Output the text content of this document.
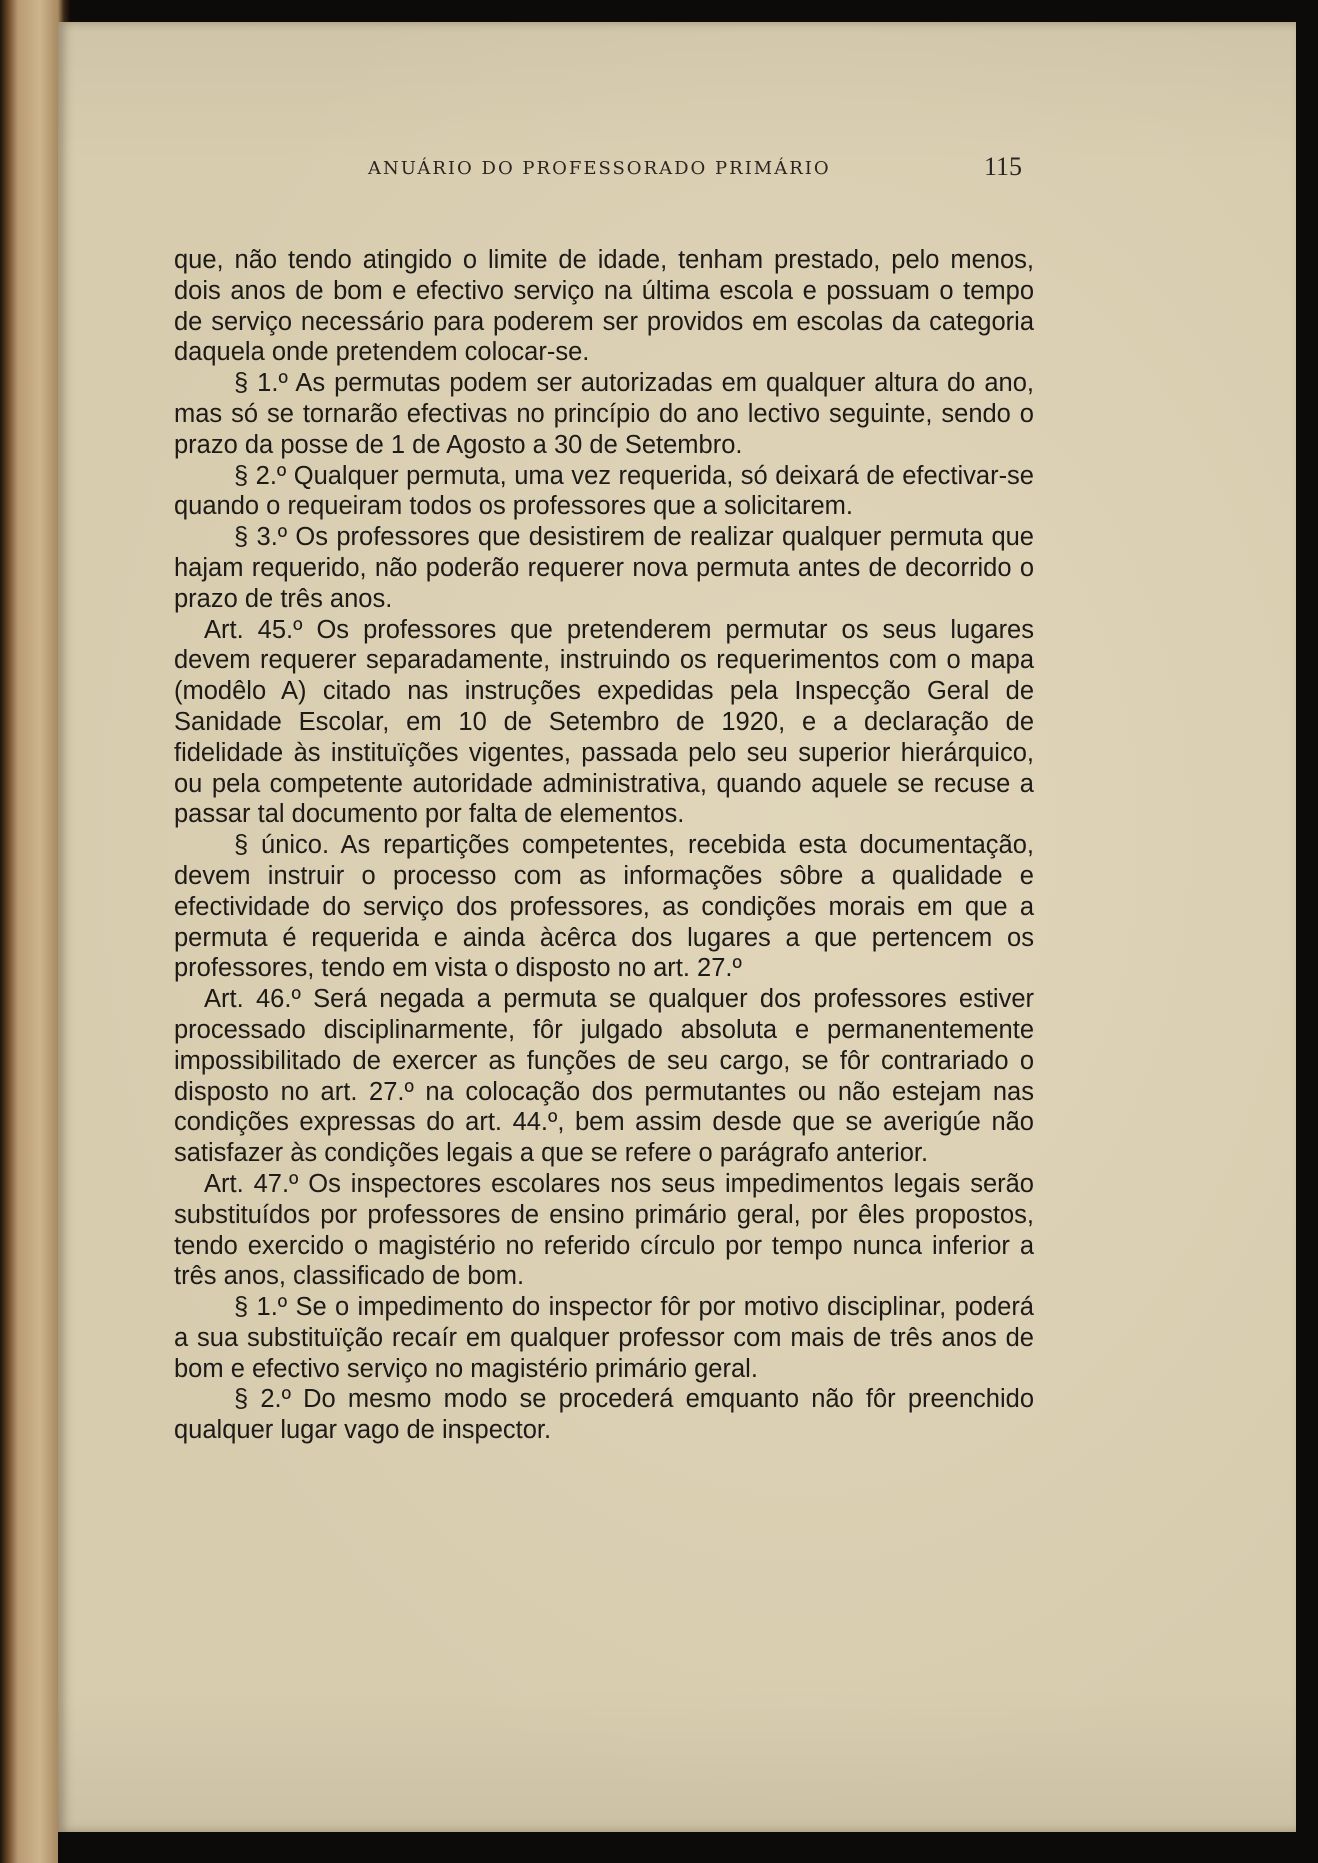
ANUÁRIO DO PROFESSORADO PRIMÁRIO	115

que, não tendo atingido o limite de idade, tenham prestado, pelo menos, dois anos de bom e efectivo serviço na última escola e possuam o tempo de serviço necessário para poderem ser providos em escolas da categoria daquela onde pretendem colocar-se.

§ 1.º As permutas podem ser autorizadas em qualquer altura do ano, mas só se tornarão efectivas no princípio do ano lectivo seguinte, sendo o prazo da posse de 1 de Agosto a 30 de Setembro.

§ 2.º Qualquer permuta, uma vez requerida, só deixará de efectivar-se quando o requeiram todos os professores que a solicitarem.

§ 3.º Os professores que desistirem de realizar qualquer permuta que hajam requerido, não poderão requerer nova permuta antes de decorrido o prazo de três anos.

Art. 45.º Os professores que pretenderem permutar os seus lugares devem requerer separadamente, instruindo os requerimentos com o mapa (modêlo A) citado nas instruções expedidas pela Inspecção Geral de Sanidade Escolar, em 10 de Setembro de 1920, e a declaração de fidelidade às instituïções vigentes, passada pelo seu superior hierárquico, ou pela competente autoridade administrativa, quando aquele se recuse a passar tal documento por falta de elementos.

§ único. As repartições competentes, recebida esta documentação, devem instruir o processo com as informações sôbre a qualidade e efectividade do serviço dos professores, as condições morais em que a permuta é requerida e ainda àcêrca dos lugares a que pertencem os professores, tendo em vista o disposto no art. 27.º

Art. 46.º Será negada a permuta se qualquer dos professores estiver processado disciplinarmente, fôr julgado absoluta e permanentemente impossibilitado de exercer as funções de seu cargo, se fôr contrariado o disposto no art. 27.º na colocação dos permutantes ou não estejam nas condições expressas do art. 44.º, bem assim desde que se averigúe não satisfazer às condições legais a que se refere o parágrafo anterior.

Art. 47.º Os inspectores escolares nos seus impedimentos legais serão substituídos por professores de ensino primário geral, por êles propostos, tendo exercido o magistério no referido círculo por tempo nunca inferior a três anos, classificado de bom.

§ 1.º Se o impedimento do inspector fôr por motivo disciplinar, poderá a sua substituïção recaír em qualquer professor com mais de três anos de bom e efectivo serviço no magistério primário geral.

§ 2.º Do mesmo modo se procederá emquanto não fôr preenchido qualquer lugar vago de inspector.
